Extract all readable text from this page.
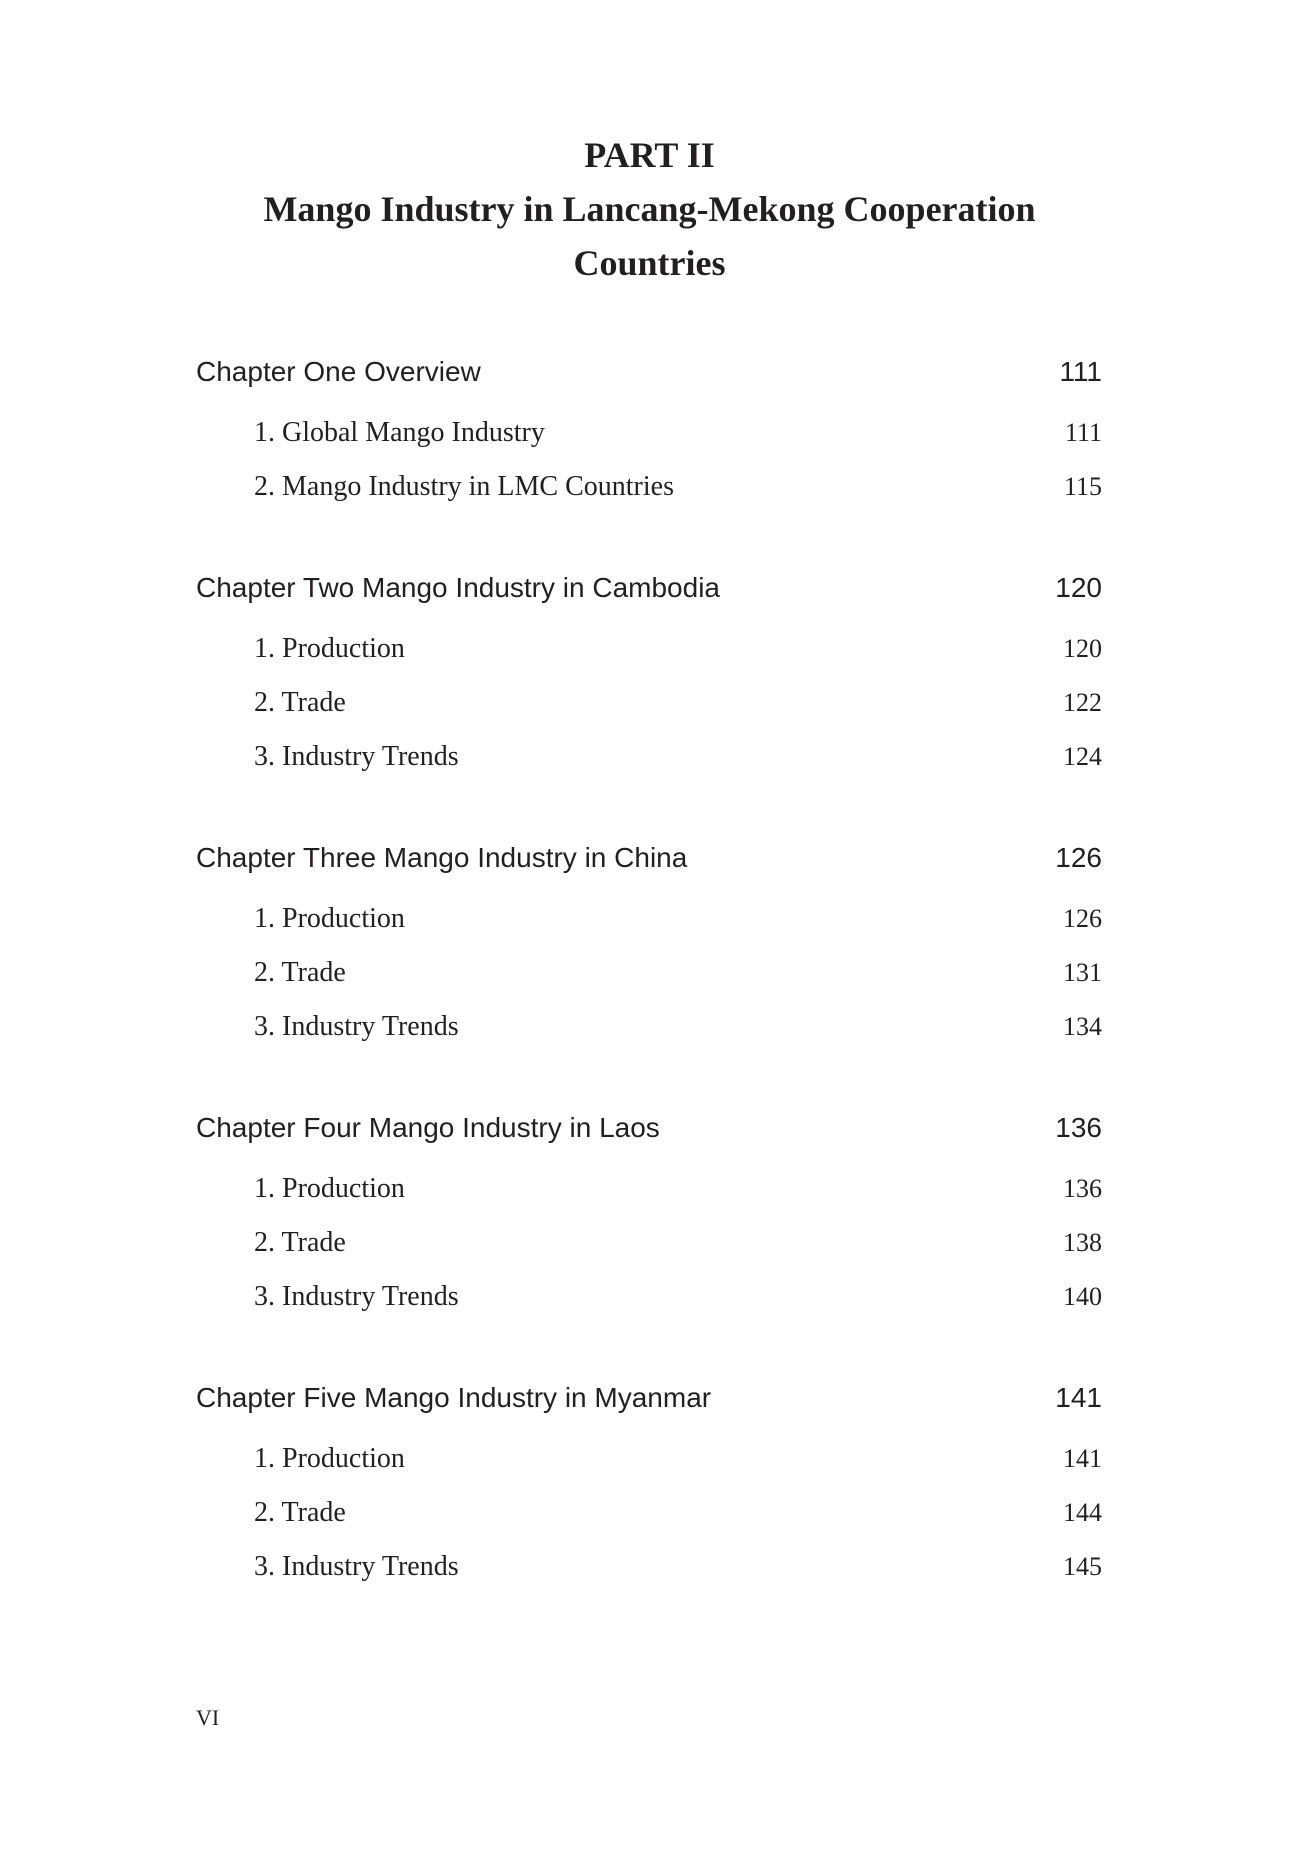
PART II
Mango Industry in Lancang-Mekong Cooperation Countries
Chapter One Overview	111
1. Global Mango Industry	111
2. Mango Industry in LMC Countries	115
Chapter Two Mango Industry in Cambodia	120
1. Production	120
2. Trade	122
3. Industry Trends	124
Chapter Three Mango Industry in China	126
1. Production	126
2. Trade	131
3. Industry Trends	134
Chapter Four Mango Industry in Laos	136
1. Production	136
2. Trade	138
3. Industry Trends	140
Chapter Five Mango Industry in Myanmar	141
1. Production	141
2. Trade	144
3. Industry Trends	145
VI
